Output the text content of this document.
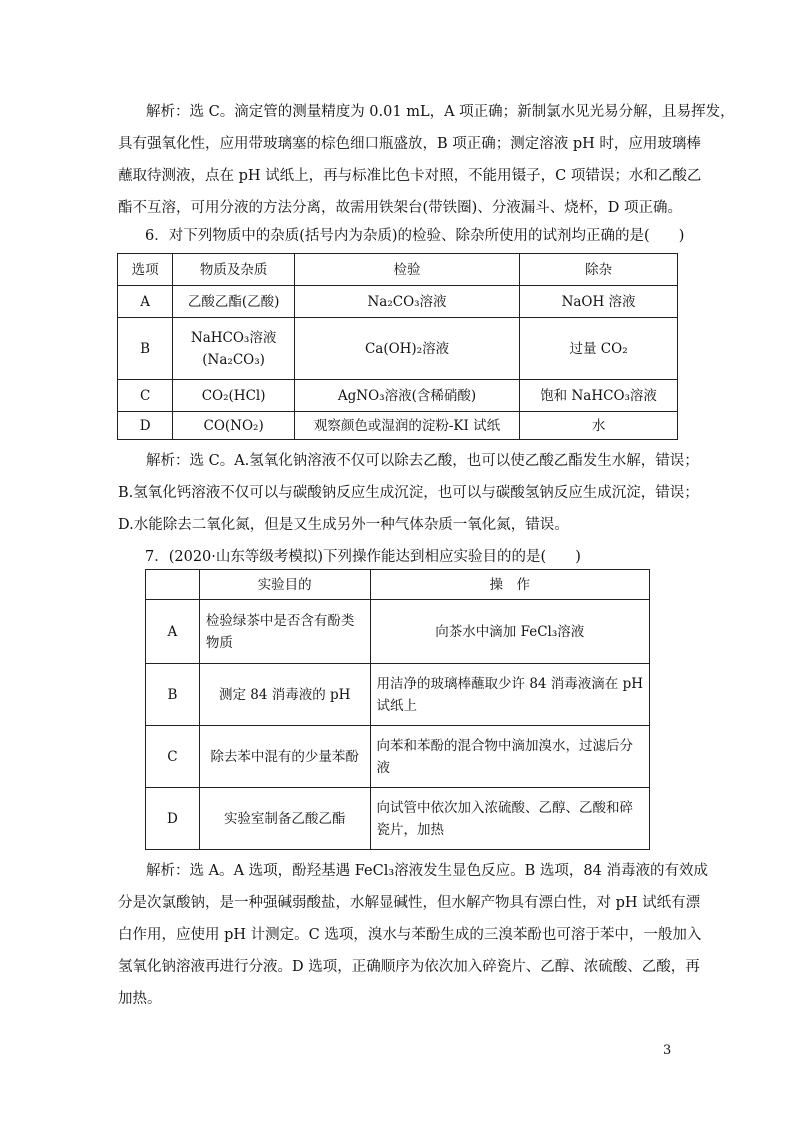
解析：选 C。滴定管的测量精度为 0.01 mL，A 项正确；新制氯水见光易分解，且易挥发，
具有强氧化性，应用带玻璃塞的棕色细口瓶盛放，B 项正确；测定溶液 pH 时，应用玻璃棒
蘸取待测液，点在 pH 试纸上，再与标准比色卡对照，不能用镊子，C 项错误；水和乙酸乙
酯不互溶，可用分液的方法分离，故需用铁架台(带铁圈)、分液漏斗、烧杯，D 项正确。
6．对下列物质中的杂质(括号内为杂质)的检验、除杂所使用的试剂均正确的是(　　)
选项	物质及杂质	检验	除杂
A	乙酸乙酯(乙酸)	Na₂CO₃溶液	NaOH 溶液
B	NaHCO₃溶液
(Na₂CO₃)	Ca(OH)₂溶液	过量 CO₂
C	CO₂(HCl)	AgNO₃溶液(含稀硝酸)	饱和 NaHCO₃溶液
D	CO(NO₂)	观察颜色或湿润的淀粉-KI 试纸	水
解析：选 C。A.氢氧化钠溶液不仅可以除去乙酸，也可以使乙酸乙酯发生水解，错误；
B.氢氧化钙溶液不仅可以与碳酸钠反应生成沉淀，也可以与碳酸氢钠反应生成沉淀，错误；
D.水能除去二氧化氮，但是又生成另外一种气体杂质一氧化氮，错误。
7．(2020·山东等级考模拟)下列操作能达到相应实验目的的是(　　)
	实验目的	操　作
A	检验绿茶中是否含有酚类
物质	向茶水中滴加 FeCl₃溶液
B	测定 84 消毒液的 pH	用洁净的玻璃棒蘸取少许 84 消毒液滴在 pH
试纸上

C	除去苯中混有的少量苯酚	向苯和苯酚的混合物中滴加溴水，过滤后分
液

D	实验室制备乙酸乙酯	向试管中依次加入浓硫酸、乙醇、乙酸和碎
瓷片，加热
解析：选 A。A 选项，酚羟基遇 FeCl₃溶液发生显色反应。B 选项，84 消毒液的有效成
分是次氯酸钠，是一种强碱弱酸盐，水解显碱性，但水解产物具有漂白性，对 pH 试纸有漂
白作用，应使用 pH 计测定。C 选项，溴水与苯酚生成的三溴苯酚也可溶于苯中，一般加入
氢氧化钠溶液再进行分液。D 选项，正确顺序为依次加入碎瓷片、乙醇、浓硫酸、乙酸，再
加热。
3
